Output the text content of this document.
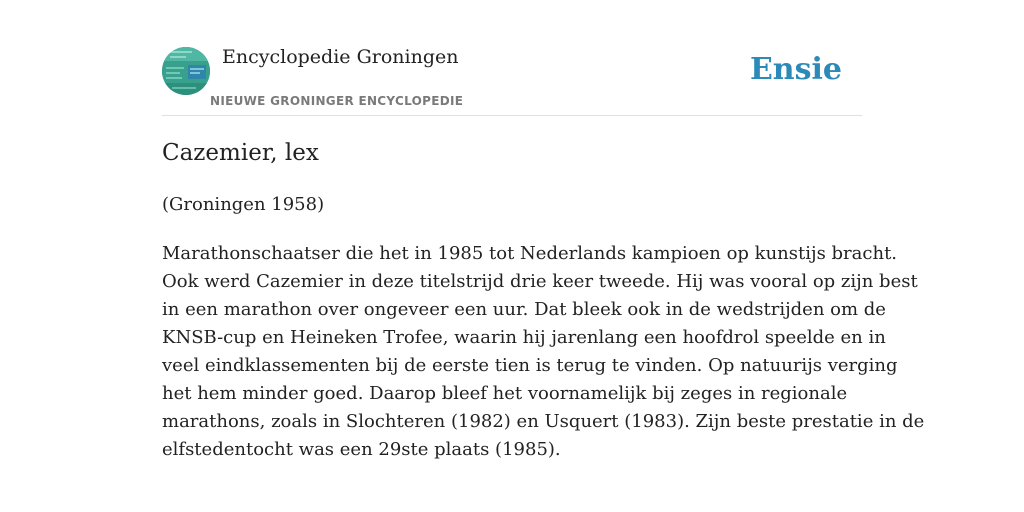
Encyclopedie Groningen
NIEUWE GRONINGER ENCYCLOPEDIE
Ensie
Cazemier, lex

(Groningen 1958)

Marathonschaatser die het in 1985 tot Nederlands kampioen op kunstijs bracht.
Ook werd Cazemier in deze titelstrijd drie keer tweede. Hij was vooral op zijn best
in een marathon over ongeveer een uur. Dat bleek ook in de wedstrijden om de
KNSB-cup en Heineken Trofee, waarin hij jarenlang een hoofdrol speelde en in
veel eindklassementen bij de eerste tien is terug te vinden. Op natuurijs verging
het hem minder goed. Daarop bleef het voornamelijk bij zeges in regionale
marathons, zoals in Slochteren (1982) en Usquert (1983). Zijn beste prestatie in de
elfstedentocht was een 29ste plaats (1985).
